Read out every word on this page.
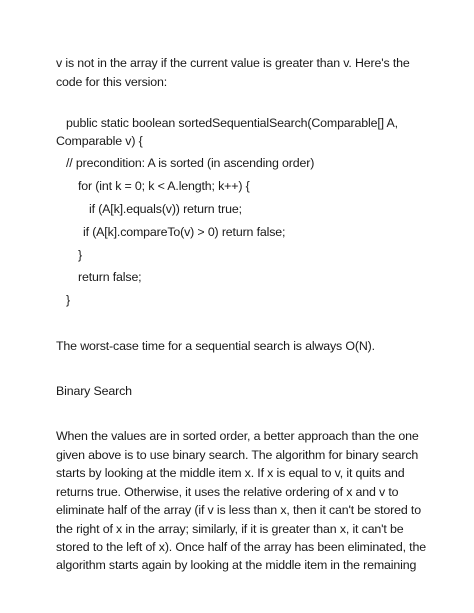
v is not in the array if the current value is greater than v. Here's the
code for this version:
public static boolean sortedSequentialSearch(Comparable[] A,
Comparable v) {
// precondition: A is sorted (in ascending order)
for (int k = 0; k < A.length; k++) {
if (A[k].equals(v)) return true;
if (A[k].compareTo(v) > 0) return false;
}
return false;
}
The worst-case time for a sequential search is always O(N).
Binary Search
When the values are in sorted order, a better approach than the one
given above is to use binary search. The algorithm for binary search
starts by looking at the middle item x. If x is equal to v, it quits and
returns true. Otherwise, it uses the relative ordering of x and v to
eliminate half of the array (if v is less than x, then it can't be stored to
the right of x in the array; similarly, if it is greater than x, it can't be
stored to the left of x). Once half of the array has been eliminated, the
algorithm starts again by looking at the middle item in the remaining
